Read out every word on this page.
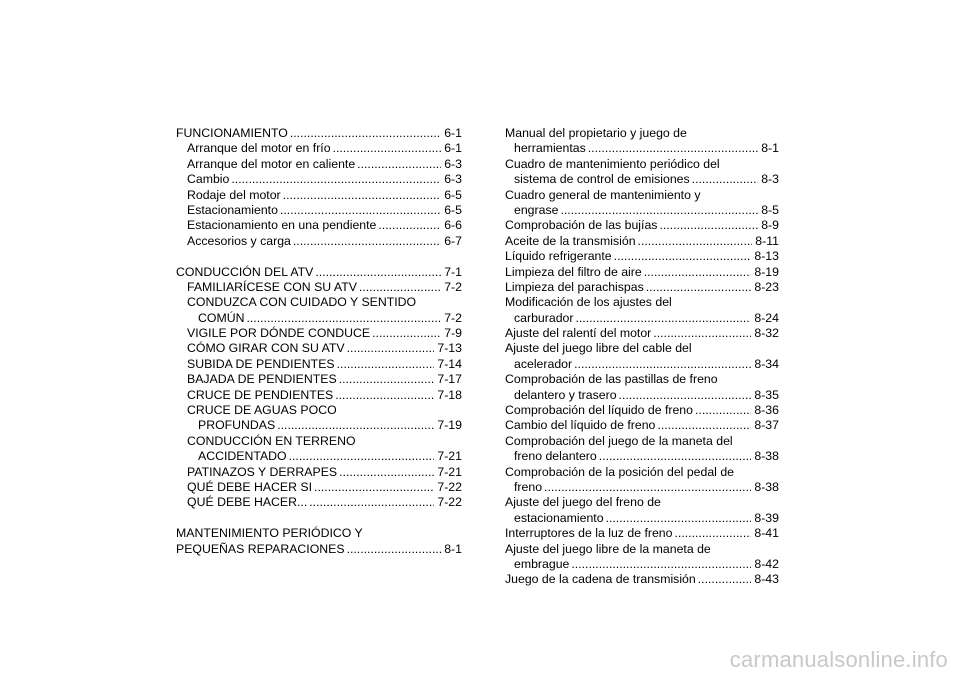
FUNCIONAMIENTO .....	6-1
Arranque del motor en frío .....	6-1
Arranque del motor en caliente .....	6-3
Cambio .....	6-3
Rodaje del motor .....	6-5
Estacionamiento .....	6-5
Estacionamiento en una pendiente .....	6-6
Accesorios y carga .....	6-7
CONDUCCIÓN DEL ATV .....	7-1
FAMILIARÍCESE CON SU ATV .....	7-2
CONDUZCA CON CUIDADO Y SENTIDO
COMÚN .....	7-2
VIGILE POR DÓNDE CONDUCE .....	7-9
CÓMO GIRAR CON SU ATV .....	7-13
SUBIDA DE PENDIENTES .....	7-14
BAJADA DE PENDIENTES .....	7-17
CRUCE DE PENDIENTES .....	7-18
CRUCE DE AGUAS POCO
PROFUNDAS .....	7-19
CONDUCCIÓN EN TERRENO
ACCIDENTADO .....	7-21
PATINAZOS Y DERRAPES .....	7-21
QUÉ DEBE HACER SI .....	7-22
QUÉ DEBE HACER... .....	7-22
MANTENIMIENTO PERIÓDICO Y
PEQUEÑAS REPARACIONES .....	8-1
Manual del propietario y juego de
herramientas .....	8-1
Cuadro de mantenimiento periódico del
sistema de control de emisiones .....	8-3
Cuadro general de mantenimiento y
engrase .....	8-5
Comprobación de las bujías .....	8-9
Aceite de la transmisión .....	8-11
Líquido refrigerante .....	8-13
Limpieza del filtro de aire .....	8-19
Limpieza del parachispas .....	8-23
Modificación de los ajustes del
carburador .....	8-24
Ajuste del ralentí del motor .....	8-32
Ajuste del juego libre del cable del
acelerador .....	8-34
Comprobación de las pastillas de freno
delantero y trasero .....	8-35
Comprobación del líquido de freno .....	8-36
Cambio del líquido de freno .....	8-37
Comprobación del juego de la maneta del
freno delantero .....	8-38
Comprobación de la posición del pedal de
freno .....	8-38
Ajuste del juego del freno de
estacionamiento .....	8-39
Interruptores de la luz de freno .....	8-41
Ajuste del juego libre de la maneta de
embrague .....	8-42
Juego de la cadena de transmisión .....	8-43
carmanualsonline.info
